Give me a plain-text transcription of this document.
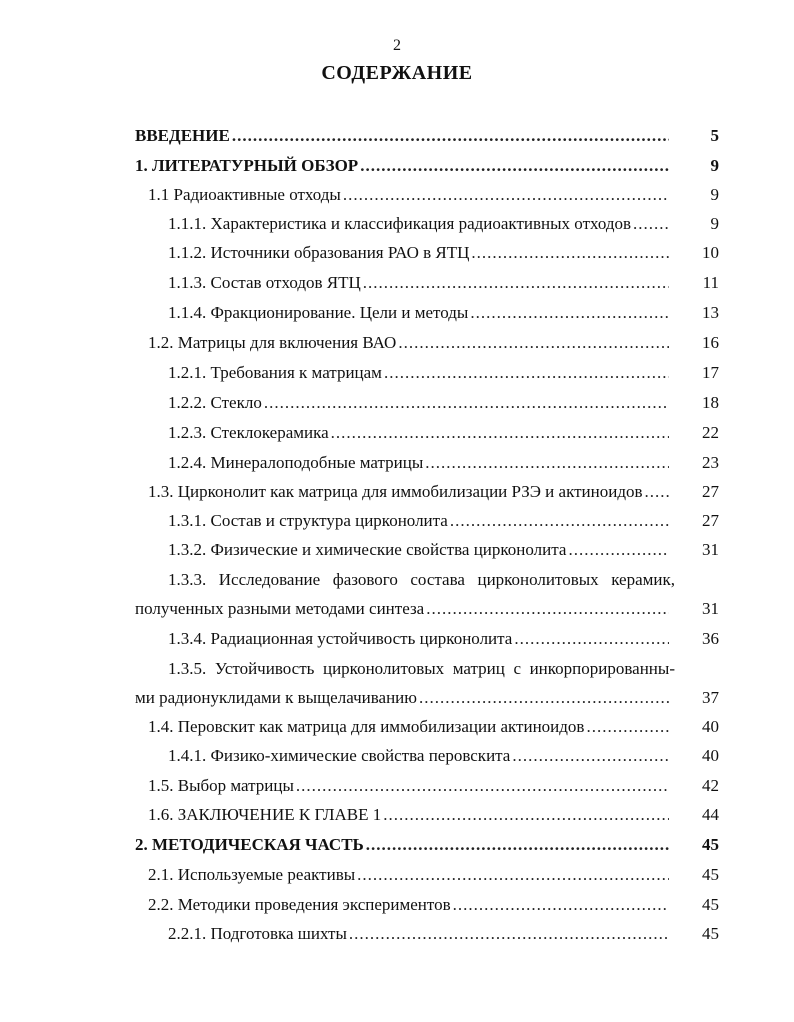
2
СОДЕРЖАНИЕ
ВВЕДЕНИЕ .....	5
1. ЛИТЕРАТУРНЫЙ ОБЗОР .....	9
1.1 Радиоактивные отходы .....	9
1.1.1. Характеристика и классификация радиоактивных отходов .....	9
1.1.2. Источники образования РАО в ЯТЦ .....	10
1.1.3. Состав отходов ЯТЦ .....	11
1.1.4. Фракционирование. Цели и методы .....	13
1.2. Матрицы для включения ВАО .....	16
1.2.1. Требования к матрицам .....	17
1.2.2. Стекло .....	18
1.2.3. Стеклокерамика .....	22
1.2.4. Минералоподобные матрицы .....	23
1.3. Цирконолит как матрица для иммобилизации РЗЭ и актиноидов .....	27
1.3.1. Состав и структура цирконолита .....	27
1.3.2. Физические и химические свойства цирконолита .....	31
1.3.3. Исследование фазового состава цирконолитовых керамик,
полученных разными методами синтеза .....	31
1.3.4. Радиационная устойчивость цирконолита .....	36
1.3.5. Устойчивость цирконолитовых матриц с инкорпорированны-
ми радионуклидами к выщелачиванию .....	37
1.4. Перовскит как матрица для иммобилизации актиноидов .....	40
1.4.1. Физико-химические свойства перовскита .....	40
1.5. Выбор матрицы .....	42
1.6. ЗАКЛЮЧЕНИЕ К ГЛАВЕ 1 .....	44
2. МЕТОДИЧЕСКАЯ ЧАСТЬ .....	45
2.1. Используемые реактивы .....	45
2.2. Методики проведения экспериментов .....	45
2.2.1. Подготовка шихты .....	45
